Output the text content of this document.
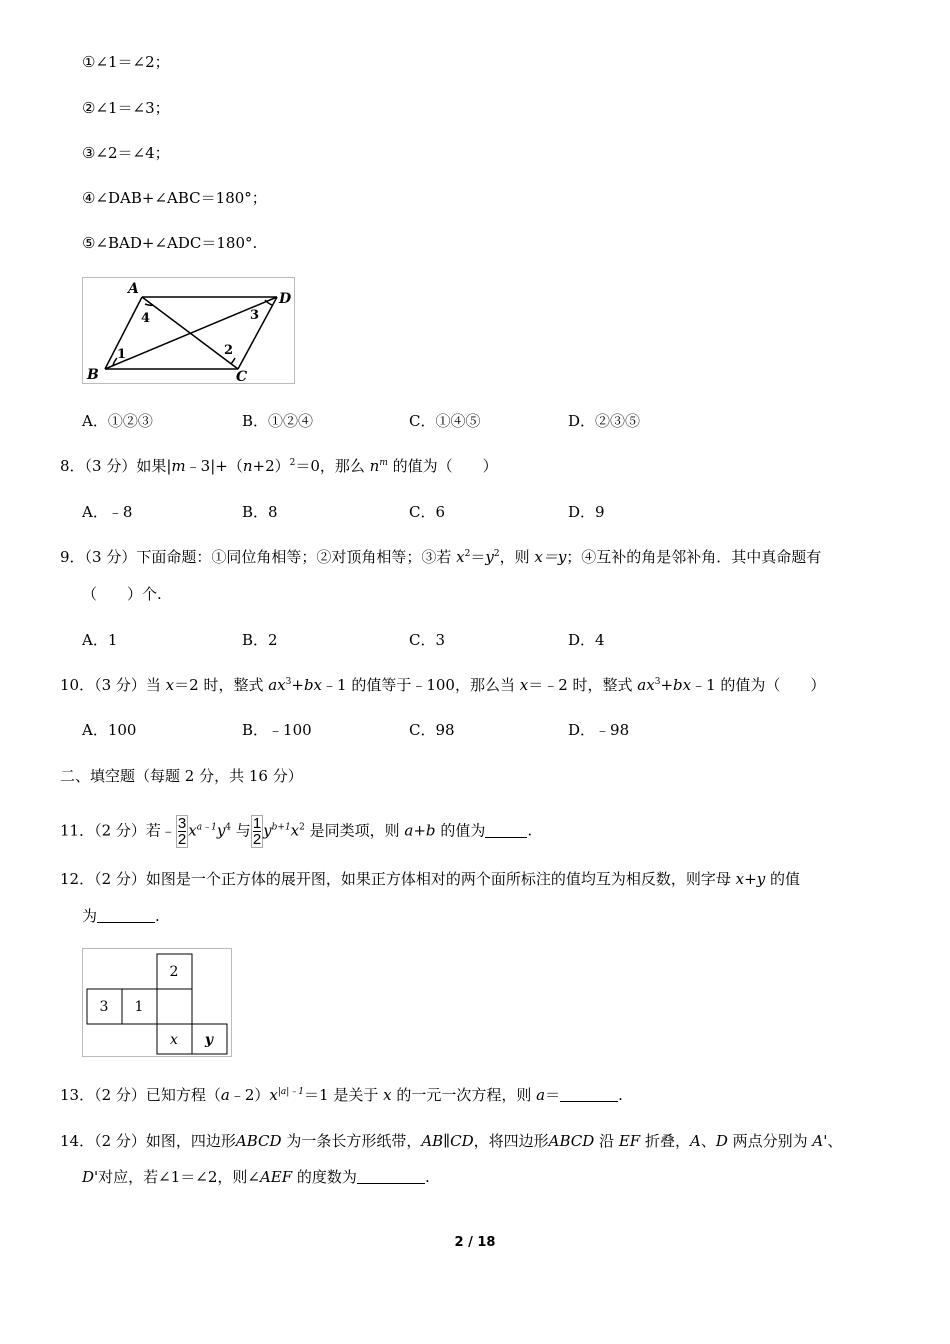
①∠1＝∠2；
②∠1＝∠3；
③∠2＝∠4；
④∠DAB+∠ABC＝180°；
⑤∠BAD+∠ADC＝180°.
A
B	C
D
1	2
3
4
A．①②③	B．①②④	C．①④⑤	D．②③⑤
8．（3 分）如果$|m﹣3|+(n+2)^2=0$，那么 $n^m$ 的值为（　　）
A．﹣8	B．8	C．6	D．9
9．（3 分）下面命题：①同位角相等；②对顶角相等；③若 $x^2=y^2$，则 x＝y；④互补的角是邻补角．其中真命题有
（　　）个.
A．1	B．2	C．3	D．4
10．（3 分）当 x＝2 时，整式 $ax^3+bx﹣1$ 的值等于﹣100，那么当 x＝﹣2 时，整式 $ax^3+bx﹣1$ 的值为（　　）
A．100	B．﹣100	C．98	D．﹣98
二、填空题（每题 2 分，共 16 分）
11．（2 分）若﹣ $\frac{3}{2} x^{a﹣1}y^4$ 与 $\frac{1}{2} y^{b+1}x^2$ 是同类项，则 a+b 的值为	.
12．（2 分）如图是一个正方体的展开图，如果正方体相对的两个面所标注的值均互为相反数，则字母 x+y 的值
为	.
2
3 1
x y
13．（2 分）已知方程$(a﹣2)x^{|a|﹣1}=1$ 是关于 x 的一元一次方程，则 a＝	.
14．（2 分）如图，四边形ABCD 为一条长方形纸带，AB∥CD，将四边形ABCD 沿 EF 折叠，A、D 两点分别为 A'、
D'对应，若∠1＝∠2，则∠AEF 的度数为	.
2 / 18
